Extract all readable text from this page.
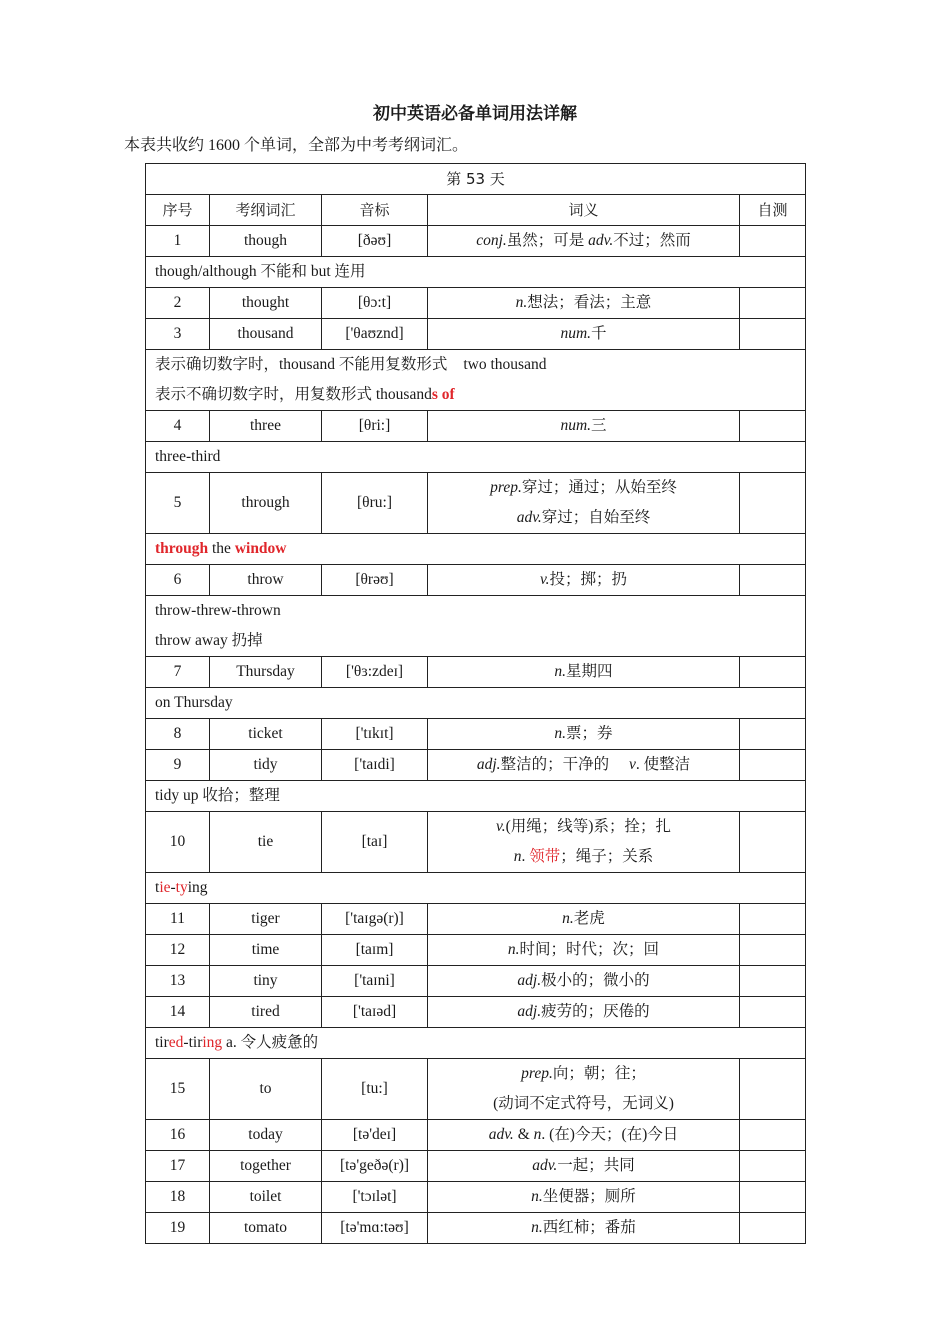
初中英语必备单词用法详解
本表共收约 1600 个单词，全部为中考考纲词汇。
第 53 天				
序号	考纲词汇	音标	词义	自测
1	though	[ðəʊ]	conj.虽然；可是 adv.不过；然而	
though/although 不能和 but 连用				
2	thought	[θɔ:t]	n.想法；看法；主意	
3	thousand	['θaʊznd]	num.千	

表示确切数字时，thousand 不能用复数形式 two thousand
表示不确切数字时，用复数形式 thousands of				

4	three	[θri:]	num.三	
three-third				
5	through	[θru:]	prep.穿过；通过；从始至终
adv.穿过；自始至终	

through the window				
6	throw	[θrəʊ]	v.投；掷；扔	

throw-threw-thrown
throw away 扔掉				

7	Thursday	['θɜ:zdeɪ]	n.星期四	
on Thursday				
8	ticket	['tɪkɪt]	n.票；券	
9	tidy	['taɪdi]	adj.整洁的；干净的 v. 使整洁	
tidy up 收拾；整理				
10	tie	[taɪ]	v.(用绳；线等)系；拴；扎
n. 领带；绳子；关系	

tie-tying				
11	tiger	['taɪgə(r)]	n.老虎	
12	time	[taɪm]	n.时间；时代；次；回	
13	tiny	['taɪni]	adj.极小的；微小的	
14	tired	['taɪəd]	adj.疲劳的；厌倦的	
tired-tiring a. 令人疲惫的				
15	to	[tu:]	prep.向；朝；往；
(动词不定式符号，无词义)	

16	today	[tə'deɪ]	adv. & n. (在)今天；(在)今日	
17	together	[tə'geðə(r)]	adv.一起；共同	
18	toilet	['tɔɪlət]	n.坐便器；厕所	
19	tomato	[tə'mɑ:təʊ]	n.西红柿；番茄	
